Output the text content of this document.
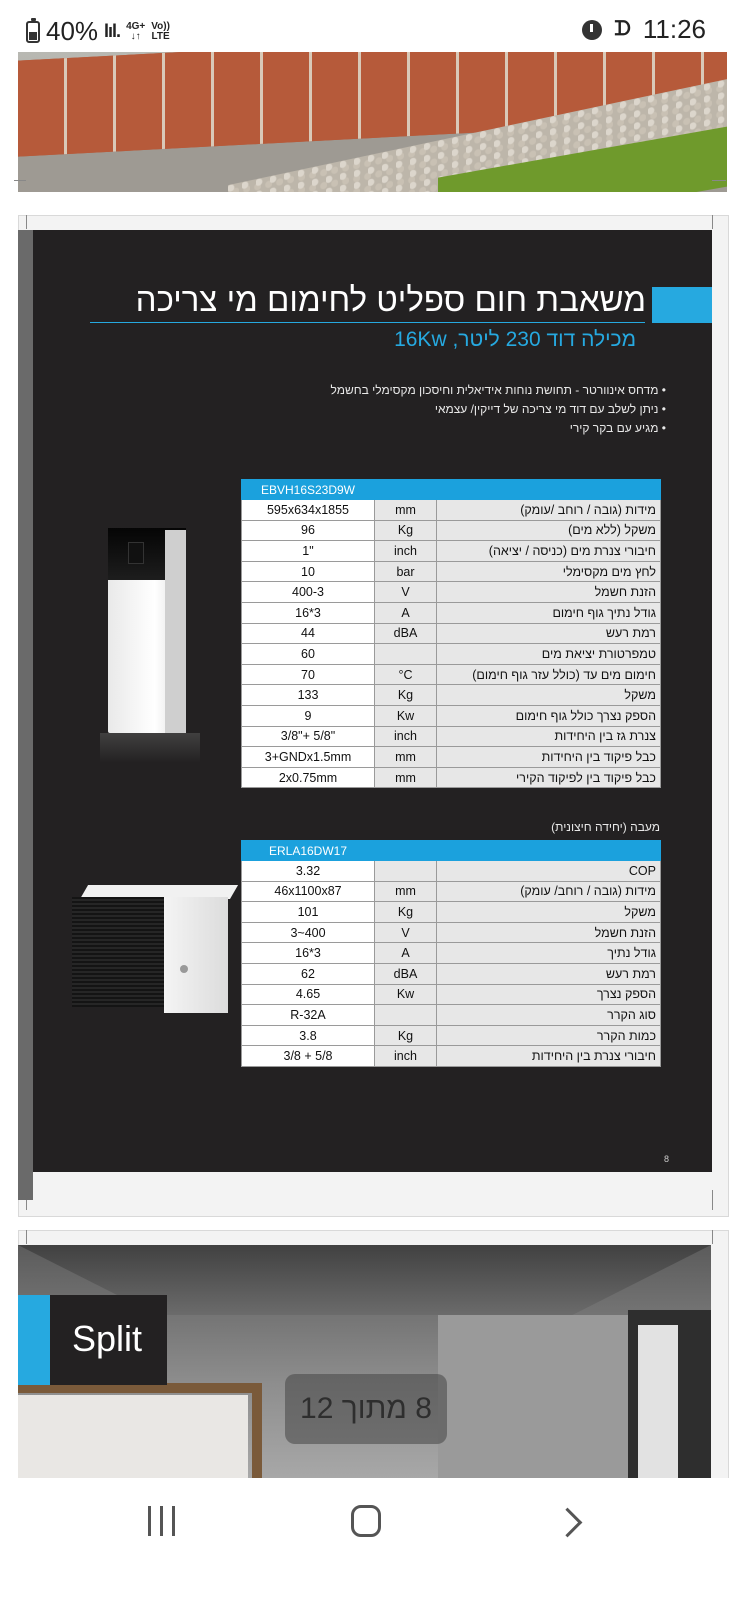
40% lıl. 4G+
↓↑
Vo))
LTE	ᗪ 11:26
משאבת חום ספליט לחימום מי צריכה
מכילה דוד 230 ליטר, 16Kw
• מדחס אינוורטר - תחושת נוחות אידיאלית וחיסכון מקסימלי בחשמל
• ניתן לשלב עם דוד מי צריכה של דייקין/ עצמאי
• מגיע עם בקר קירי
EBVH16S23D9W		
595x634x1855	mm	מידות (גובה / רוחב /עומק)
96	Kg	משקל (ללא מים)
1"	inch	חיבורי צנרת מים (כניסה / יציאה)
10	bar	לחץ מים מקסימלי
400-3	V	הזנת חשמל
16*3	A	גודל נתיך גוף חימום
44	dBA	רמת רעש
60		טמפרטורת יציאת מים
70	°C	חימום מים עד (כולל עזר גוף חימום)
133	Kg	משקל
9	Kw	הספק נצרך כולל גוף חימום
3/8"+ 5/8"	inch	צנרת גז בין היחידות
3+GNDx1.5mm	mm	כבל פיקוד בין היחידות
2x0.75mm	mm	כבל פיקוד בין לפיקוד הקירי
מעבה (יחידה חיצונית)
ERLA16DW17		
3.32		COP
46x1100x87	mm	מידות (גובה / רוחב/ עומק)
101	Kg	משקל
3~400	V	הזנת חשמל
16*3	A	גודל נתיך
62	dBA	רמת רעש
4.65	Kw	הספק נצרך
R-32A		סוג הקרר
3.8	Kg	כמות הקרר
3/8 + 5/8	inch	חיבורי צנרת בין היחידות
8
Split
8 מתוך 12
